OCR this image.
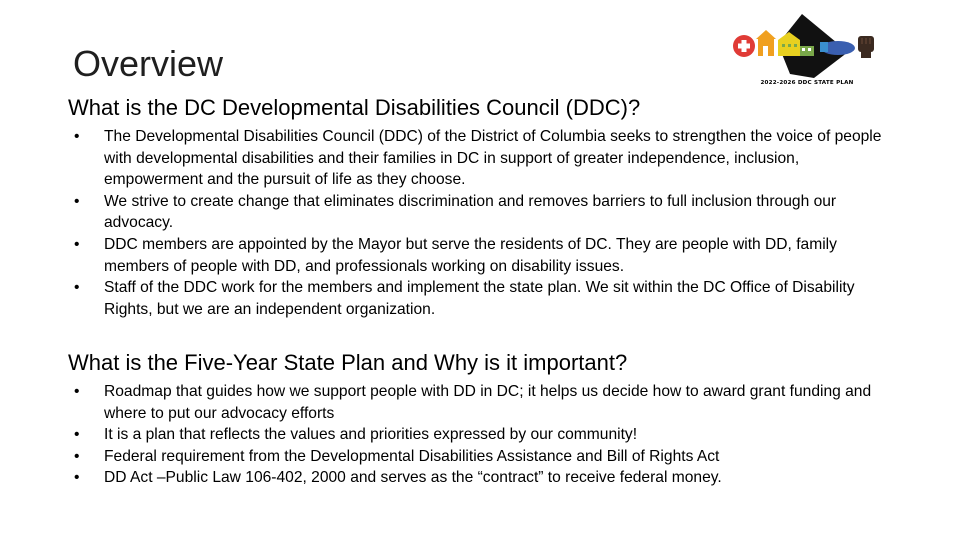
Overview	2022-2026 DDC STATE PLAN
What is the DC Developmental Disabilities Council (DDC)?
•	The Developmental Disabilities Council (DDC) of the District of Columbia seeks to strengthen the voice of people with developmental disabilities and their families in DC in support of greater independence, inclusion, empowerment and the pursuit of life as they choose.
•	We strive to create change that eliminates discrimination and removes barriers to full inclusion through our advocacy.
•	DDC members are appointed by the Mayor but serve the residents of DC. They are people with DD, family members of people with DD, and professionals working on disability issues.
•	Staff of the DDC work for the members and implement the state plan. We sit within the DC Office of Disability Rights, but we are an independent organization.
What is the Five-Year State Plan and Why is it important?
•	Roadmap that guides how we support people with DD in DC; it helps us decide how to award grant funding and where to put our advocacy efforts
•	It is a plan that reflects the values and priorities expressed by our community!
•	Federal requirement from the Developmental Disabilities Assistance and Bill of Rights Act
•	DD Act –Public Law 106-402, 2000 and serves as the “contract” to receive federal money.
